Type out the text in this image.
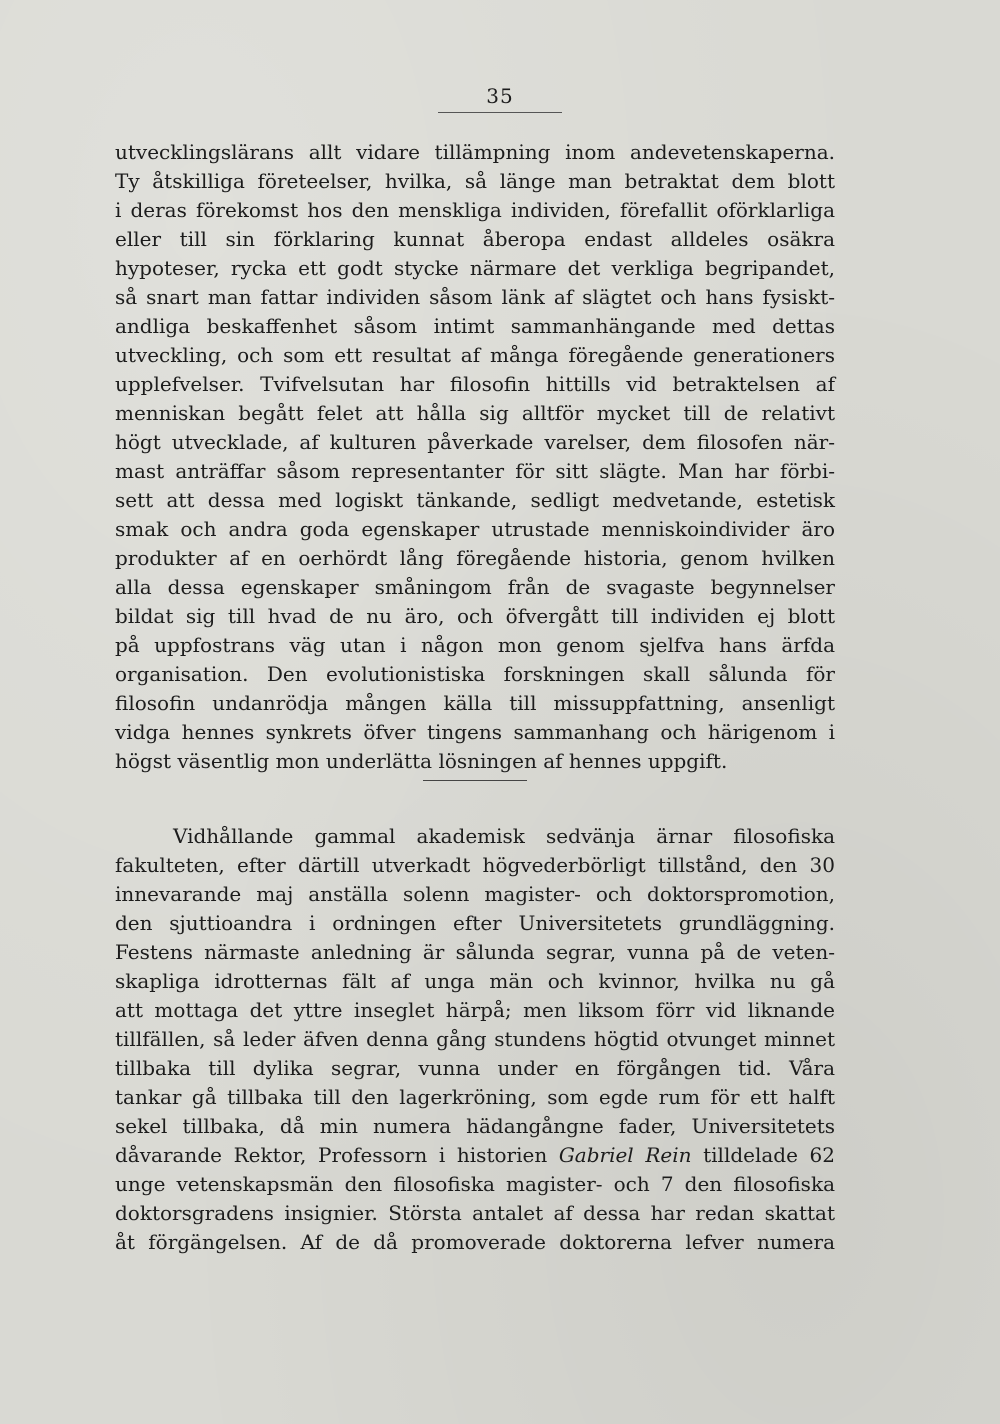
35
utvecklingslärans allt vidare tillämpning inom andevetenskaperna.
Ty åtskilliga företeelser, hvilka, så länge man betraktat dem blott
i deras förekomst hos den menskliga individen, förefallit oförklarliga
eller till sin förklaring kunnat åberopa endast alldeles osäkra
hypoteser, rycka ett godt stycke närmare det verkliga begripandet,
så snart man fattar individen såsom länk af slägtet och hans fysiskt-
andliga beskaffenhet såsom intimt sammanhängande med dettas
utveckling, och som ett resultat af många föregående generationers
upplefvelser. Tvifvelsutan har filosofin hittills vid betraktelsen af
menniskan begått felet att hålla sig alltför mycket till de relativt
högt utvecklade, af kulturen påverkade varelser, dem filosofen när-
mast anträffar såsom representanter för sitt slägte. Man har förbi-
sett att dessa med logiskt tänkande, sedligt medvetande, estetisk
smak och andra goda egenskaper utrustade menniskoindivider äro
produkter af en oerhördt lång föregående historia, genom hvilken
alla dessa egenskaper småningom från de svagaste begynnelser
bildat sig till hvad de nu äro, och öfvergått till individen ej blott
på uppfostrans väg utan i någon mon genom sjelfva hans ärfda
organisation. Den evolutionistiska forskningen skall sålunda för
filosofin undanrödja mången källa till missuppfattning, ansenligt
vidga hennes synkrets öfver tingens sammanhang och härigenom i
högst väsentlig mon underlätta lösningen af hennes uppgift.
Vidhållande gammal akademisk sedvänja ärnar filosofiska
fakulteten, efter därtill utverkadt högvederbörligt tillstånd, den 30
innevarande maj anställa solenn magister- och doktorspromotion,
den sjuttioandra i ordningen efter Universitetets grundläggning.
Festens närmaste anledning är sålunda segrar, vunna på de veten-
skapliga idrotternas fält af unga män och kvinnor, hvilka nu gå
att mottaga det yttre inseglet härpå; men liksom förr vid liknande
tillfällen, så leder äfven denna gång stundens högtid otvunget minnet
tillbaka till dylika segrar, vunna under en förgången tid. Våra
tankar gå tillbaka till den lagerkröning, som egde rum för ett halft
sekel tillbaka, då min numera hädangångne fader, Universitetets
dåvarande Rektor, Professorn i historien Gabriel Rein tilldelade 62
unge vetenskapsmän den filosofiska magister- och 7 den filosofiska
doktorsgradens insignier. Största antalet af dessa har redan skattat
åt förgängelsen. Af de då promoverade doktorerna lefver numera
